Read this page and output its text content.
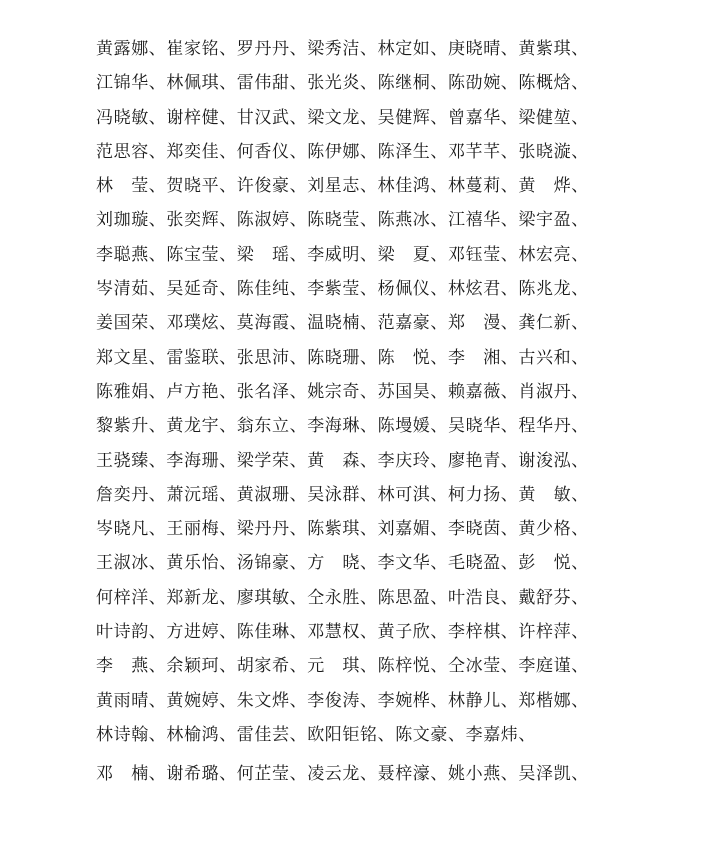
黄露娜、崔家铭、罗丹丹、梁秀洁、林定如、庚晓晴、黄紫琪、
江锦华、林佩琪、雷伟甜、张光炎、陈继桐、陈劭婉、陈概焓、
冯晓敏、谢梓健、甘汉武、梁文龙、吴健辉、曾嘉华、梁健堃、
范思容、郑奕佳、何香仪、陈伊娜、陈泽生、邓芊芊、张晓漩、
林　莹、贺晓平、许俊豪、刘星志、林佳鸿、林蔓莉、黄　烨、
刘珈璇、张奕辉、陈淑婷、陈晓莹、陈燕冰、江禧华、梁宇盈、
李聪燕、陈宝莹、梁　瑶、李威明、梁　夏、邓钰莹、林宏亮、
岑清茹、吴延奇、陈佳纯、李紫莹、杨佩仪、林炫君、陈兆龙、
姜国荣、邓璞炫、莫海霞、温晓楠、范嘉豪、郑　漫、龚仁新、
郑文星、雷鉴联、张思沛、陈晓珊、陈　悦、李　湘、古兴和、
陈雅娟、卢方艳、张名泽、姚宗奇、苏国昊、赖嘉薇、肖淑丹、
黎紫升、黄龙宇、翁东立、李海琳、陈墁媛、吴晓华、程华丹、
王骁臻、李海珊、梁学荣、黄　森、李庆玲、廖艳青、谢浚泓、
詹奕丹、萧沅瑶、黄淑珊、吴泳群、林可淇、柯力扬、黄　敏、
岑晓凡、王丽梅、梁丹丹、陈紫琪、刘嘉媚、李晓茵、黄少格、
王淑冰、黄乐怡、汤锦豪、方　晓、李文华、毛晓盈、彭　悦、
何梓洋、郑新龙、廖琪敏、仝永胜、陈思盈、叶浩良、戴舒芬、
叶诗韵、方进婷、陈佳琳、邓慧权、黄子欣、李梓棋、许梓萍、
李　燕、余颖珂、胡家希、元　琪、陈梓悦、仝冰莹、李庭谨、
黄雨晴、黄婉婷、朱文烨、李俊涛、李婉桦、林静儿、郑楷娜、
林诗翰、林榆鸿、雷佳芸、欧阳钜铭、陈文豪、李嘉炜、
邓　楠、谢希璐、何芷莹、凌云龙、聂梓濠、姚小燕、吴泽凯、
